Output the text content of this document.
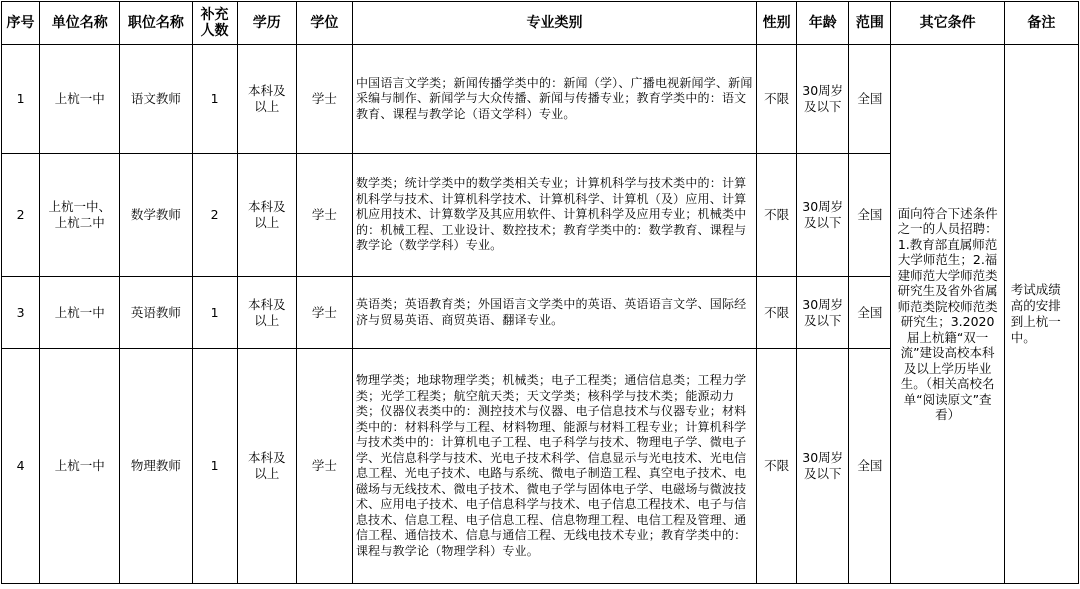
序号	单位名称	职位名称	补充人数	学历	学位	专业类别	性别	年龄	范围	其它条件	备注
1	上杭一中	语文教师	1	本科及以上	学士	中国语言文学类；新闻传播学类中的：新闻（学）、广播电视新闻学、新闻采编与制作、新闻学与大众传播、新闻与传播专业；教育学类中的：语文教育、课程与教学论（语文学科）专业。	不限	30周岁及以下	全国	面向符合下述条件之一的人员招聘：1.教育部直属师范大学师范生；2.福建师范大学师范类研究生及省外省属师范类院校师范类研究生；3.2020届上杭籍“双一流”建设高校本科及以上学历毕业生。（相关高校名单“阅读原文”查看）	考试成绩高的安排到上杭一中。
2	上杭一中、上杭二中	数学教师	2	本科及以上	学士	数学类；统计学类中的数学类相关专业；计算机科学与技术类中的：计算机科学与技术、计算机科学技术、计算机科学、计算机（及）应用、计算机应用技术、计算数学及其应用软件、计算机科学及应用专业；机械类中的：机械工程、工业设计、数控技术；教育学类中的：数学教育、课程与教学论（数学学科）专业。	不限	30周岁及以下	全国		
3	上杭一中	英语教师	1	本科及以上	学士	英语类；英语教育类；外国语言文学类中的英语、英语语言文学、国际经济与贸易英语、商贸英语、翻译专业。	不限	30周岁及以下	全国		
4	上杭一中	物理教师	1	本科及以上	学士	物理学类；地球物理学类；机械类；电子工程类；通信信息类；工程力学类；光学工程类；航空航天类；天文学类；核科学与技术类；能源动力类；仪器仪表类中的：测控技术与仪器、电子信息技术与仪器专业；材料类中的：材料科学与工程、材料物理、能源与材料工程专业；计算机科学与技术类中的：计算机电子工程、电子科学与技术、物理电子学、微电子学、光信息科学与技术、光电子技术科学、信息显示与光电技术、光电信息工程、光电子技术、电路与系统、微电子制造工程、真空电子技术、电磁场与无线技术、微电子技术、微电子学与固体电子学、电磁场与微波技术、应用电子技术、电子信息科学与技术、电子信息工程技术、电子与信息技术、信息工程、电子信息工程、信息物理工程、电信工程及管理、通信工程、通信技术、信息与通信工程、无线电技术专业；教育学类中的：课程与教学论（物理学科）专业。	不限	30周岁及以下	全国		
